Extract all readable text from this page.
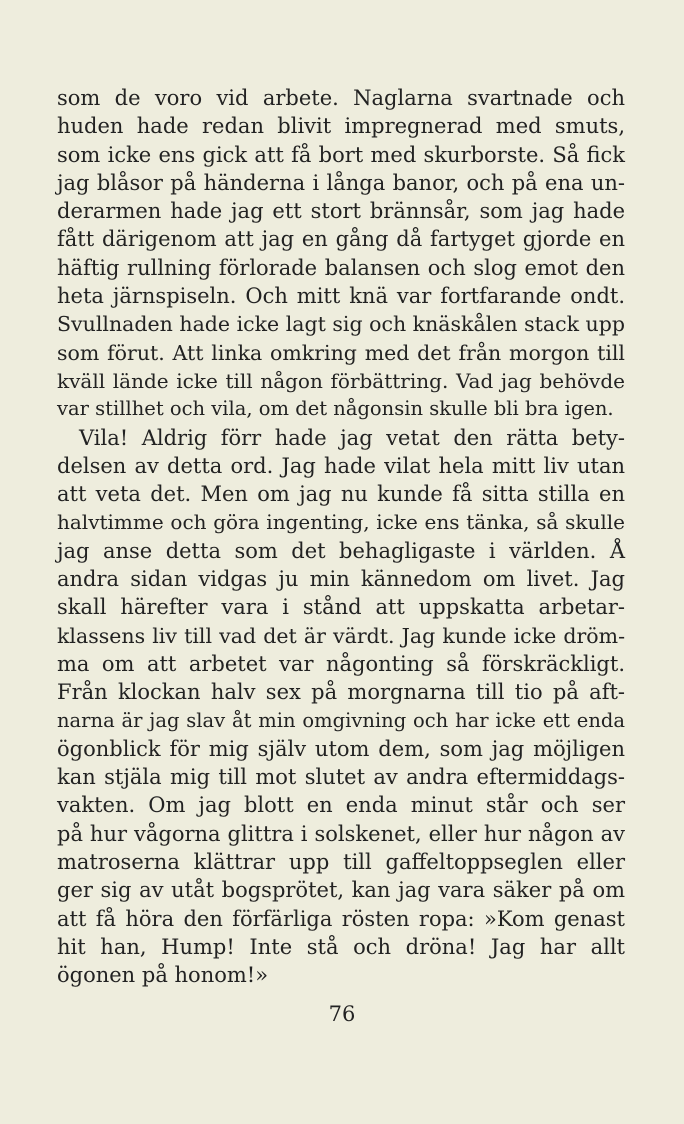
som de voro vid arbete. Naglarna svartnade och
huden hade redan blivit impregnerad med smuts,
som icke ens gick att få bort med skurborste. Så fick
jag blåsor på händerna i långa banor, och på ena un-
derarmen hade jag ett stort brännsår, som jag hade
fått därigenom att jag en gång då fartyget gjorde en
häftig rullning förlorade balansen och slog emot den
heta järnspiseln. Och mitt knä var fortfarande ondt.
Svullnaden hade icke lagt sig och knäskålen stack upp
som förut. Att linka omkring med det från morgon till
kväll lände icke till någon förbättring. Vad jag behövde
var stillhet och vila, om det någonsin skulle bli bra igen.
Vila! Aldrig förr hade jag vetat den rätta bety-
delsen av detta ord. Jag hade vilat hela mitt liv utan
att veta det. Men om jag nu kunde få sitta stilla en
halvtimme och göra ingenting, icke ens tänka, så skulle
jag anse detta som det behagligaste i världen. Å
andra sidan vidgas ju min kännedom om livet. Jag
skall härefter vara i stånd att uppskatta arbetar-
klassens liv till vad det är värdt. Jag kunde icke dröm-
ma om att arbetet var någonting så förskräckligt.
Från klockan halv sex på morgnarna till tio på aft-
narna är jag slav åt min omgivning och har icke ett enda
ögonblick för mig själv utom dem, som jag möjligen
kan stjäla mig till mot slutet av andra eftermiddags-
vakten. Om jag blott en enda minut står och ser
på hur vågorna glittra i solskenet, eller hur någon av
matroserna klättrar upp till gaffeltoppseglen eller
ger sig av utåt bogsprötet, kan jag vara säker på om
att få höra den förfärliga rösten ropa: »Kom genast
hit han, Hump! Inte stå och dröna! Jag har allt
ögonen på honom!»
76
